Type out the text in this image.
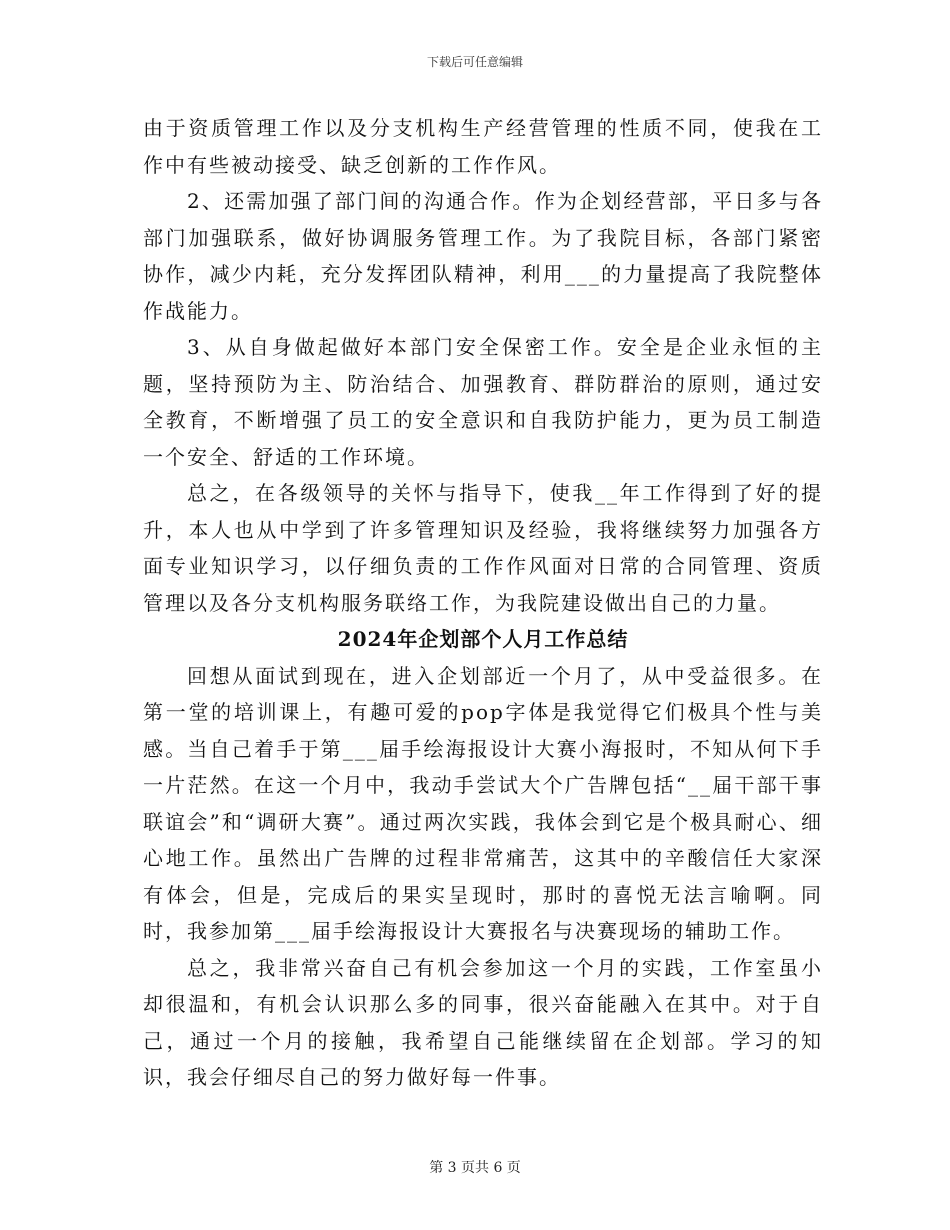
下载后可任意编辑

由于资质管理工作以及分支机构生产经营管理的性质不同，使我在工作中有些被动接受、缺乏创新的工作作风。

2、还需加强了部门间的沟通合作。作为企划经营部，平日多与各部门加强联系，做好协调服务管理工作。为了我院目标，各部门紧密协作，减少内耗，充分发挥团队精神，利用___的力量提高了我院整体作战能力。

3、从自身做起做好本部门安全保密工作。安全是企业永恒的主题，坚持预防为主、防治结合、加强教育、群防群治的原则，通过安全教育，不断增强了员工的安全意识和自我防护能力，更为员工制造一个安全、舒适的工作环境。

总之，在各级领导的关怀与指导下，使我__年工作得到了好的提升，本人也从中学到了许多管理知识及经验，我将继续努力加强各方面专业知识学习，以仔细负责的工作作风面对日常的合同管理、资质管理以及各分支机构服务联络工作，为我院建设做出自己的力量。

2024年企划部个人月工作总结

回想从面试到现在，进入企划部近一个月了，从中受益很多。在第一堂的培训课上，有趣可爱的pop字体是我觉得它们极具个性与美感。当自己着手于第___届手绘海报设计大赛小海报时，不知从何下手一片茫然。在这一个月中，我动手尝试大个广告牌包括“__届干部干事联谊会”和“调研大赛”。通过两次实践，我体会到它是个极具耐心、细心地工作。虽然出广告牌的过程非常痛苦，这其中的辛酸信任大家深有体会，但是，完成后的果实呈现时，那时的喜悦无法言喻啊。同时，我参加第___届手绘海报设计大赛报名与决赛现场的辅助工作。

总之，我非常兴奋自己有机会参加这一个月的实践，工作室虽小却很温和，有机会认识那么多的同事，很兴奋能融入在其中。对于自己，通过一个月的接触，我希望自己能继续留在企划部。学习的知识，我会仔细尽自己的努力做好每一件事。

第 3 页共 6 页
